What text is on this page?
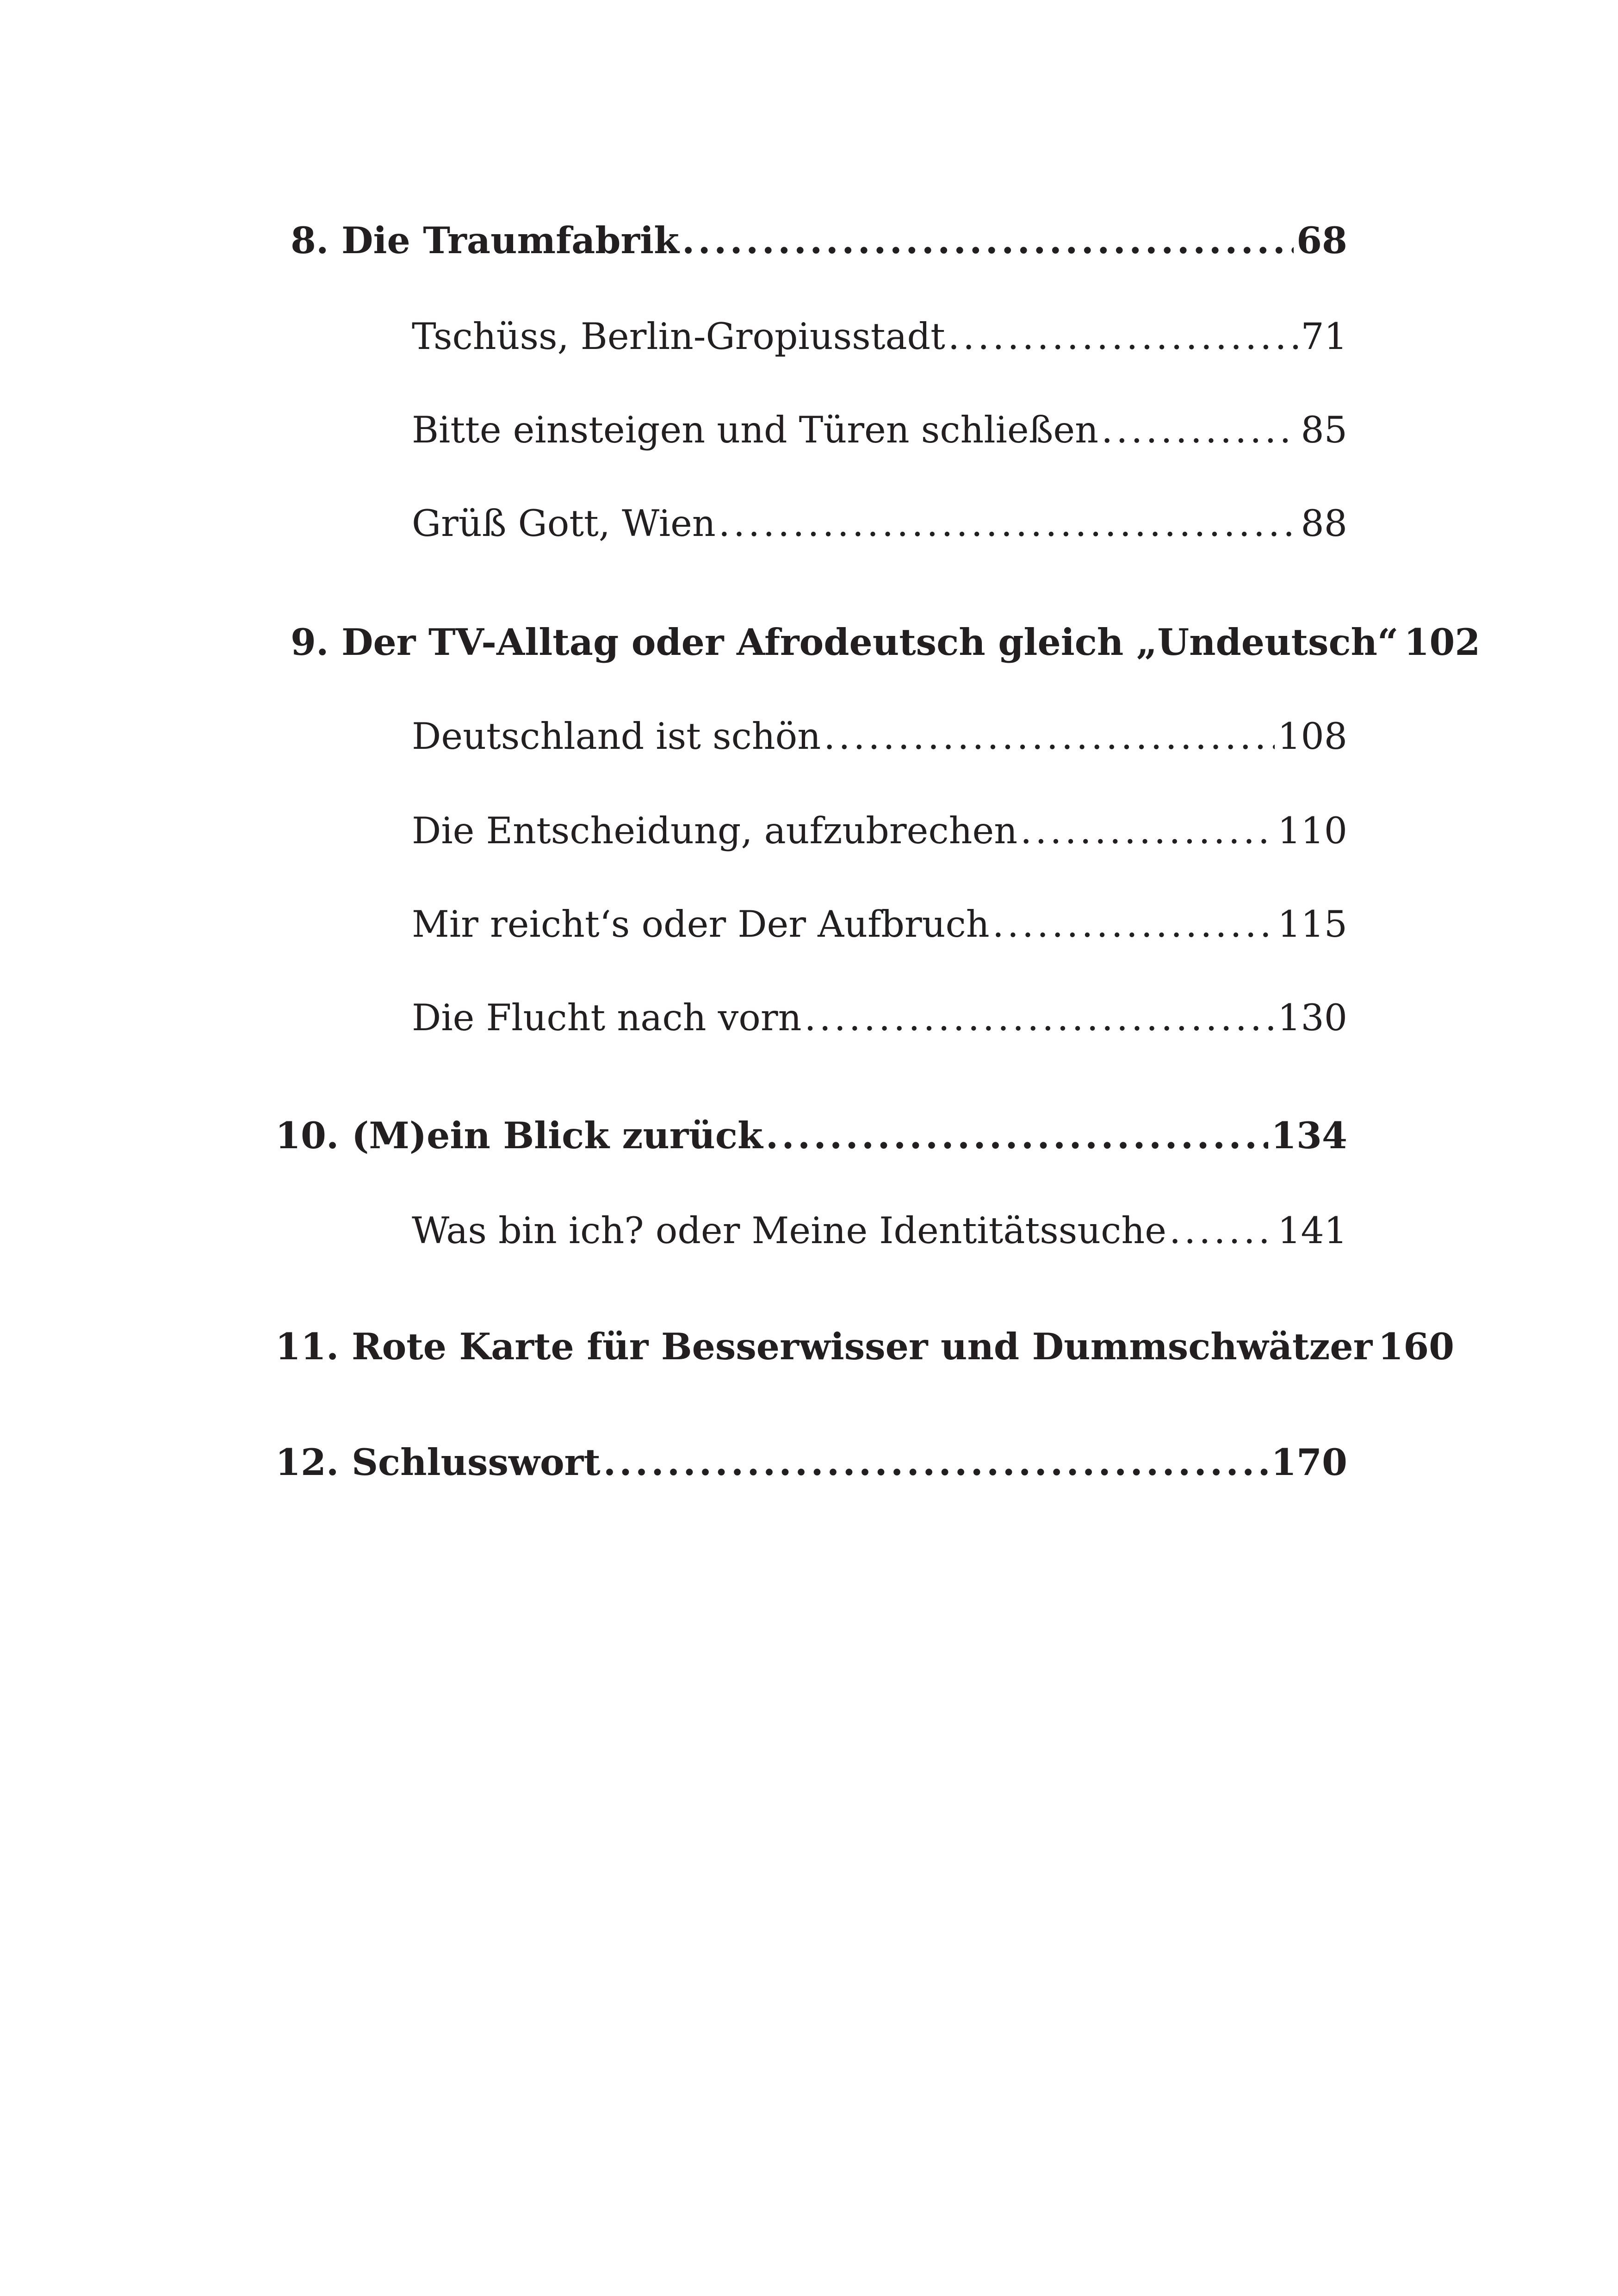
8. Die Traumfabrik .....	68
Tschüss, Berlin-Gropiusstadt .....	71
Bitte einsteigen und Türen schließen .....	85
Grüß Gott, Wien .....	88
9. Der TV-Alltag oder Afrodeutsch gleich „Undeutsch“ 102
Deutschland ist schön .....	108
Die Entscheidung, aufzubrechen .....	110
Mir reicht‘s oder Der Aufbruch .....	115
Die Flucht nach vorn .....	130
10. (M)ein Blick zurück .....	134
Was bin ich? oder Meine Identitätssuche .....	141
11. Rote Karte für Besserwisser und Dummschwätzer 160
12. Schlusswort .....	170
